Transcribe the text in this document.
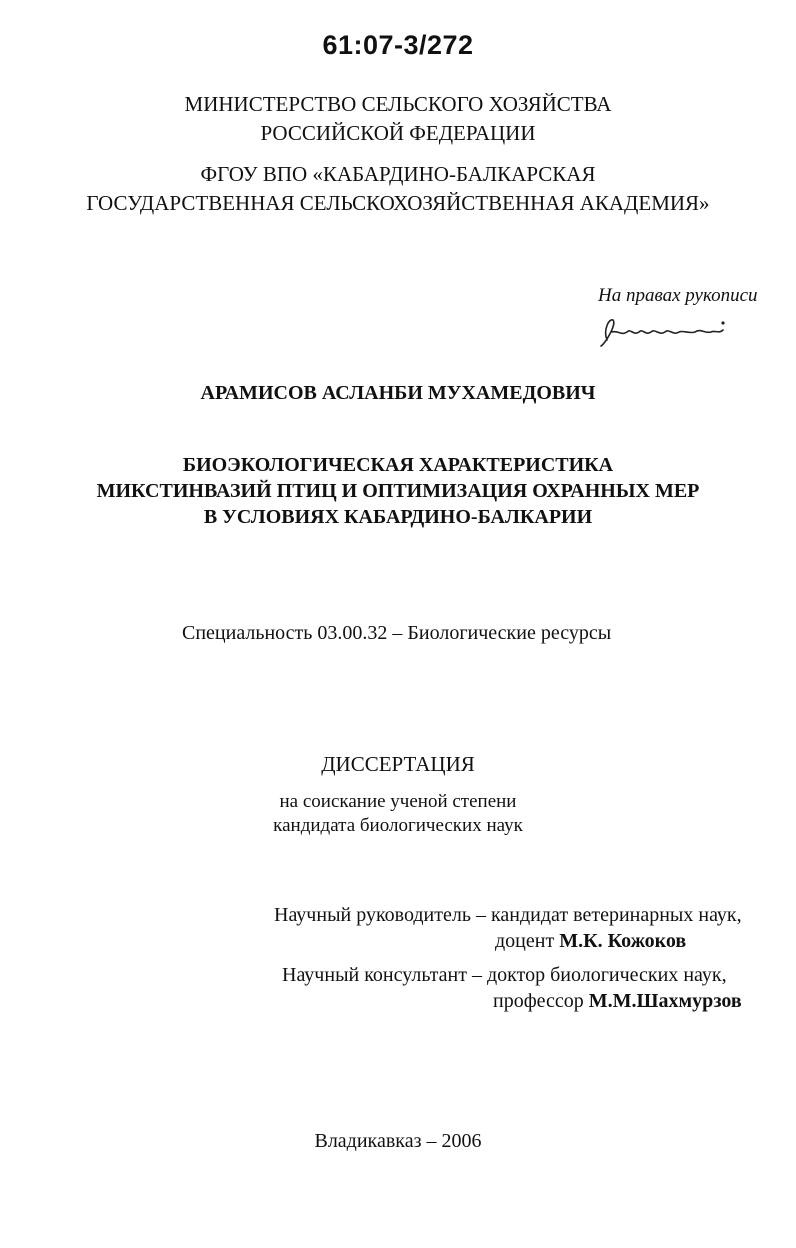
61:07-3/272
МИНИСТЕРСТВО СЕЛЬСКОГО ХОЗЯЙСТВА
РОССИЙСКОЙ ФЕДЕРАЦИИ
ФГОУ ВПО «КАБАРДИНО-БАЛКАРСКАЯ
ГОСУДАРСТВЕННАЯ СЕЛЬСКОХОЗЯЙСТВЕННАЯ АКАДЕМИЯ»
На правах рукописи
АРАМИСОВ АСЛАНБИ МУХАМЕДОВИЧ
БИОЭКОЛОГИЧЕСКАЯ ХАРАКТЕРИСТИКА
МИКСТИНВАЗИЙ ПТИЦ И ОПТИМИЗАЦИЯ ОХРАННЫХ МЕР
В УСЛОВИЯХ КАБАРДИНО-БАЛКАРИИ
Специальность 03.00.32 – Биологические ресурсы
ДИССЕРТАЦИЯ
на соискание ученой степени
кандидата биологических наук
Научный руководитель – кандидат ветеринарных наук,
доцент М.К. Кожоков
Научный консультант – доктор биологических наук,
профессор М.М.Шахмурзов
Владикавказ – 2006
